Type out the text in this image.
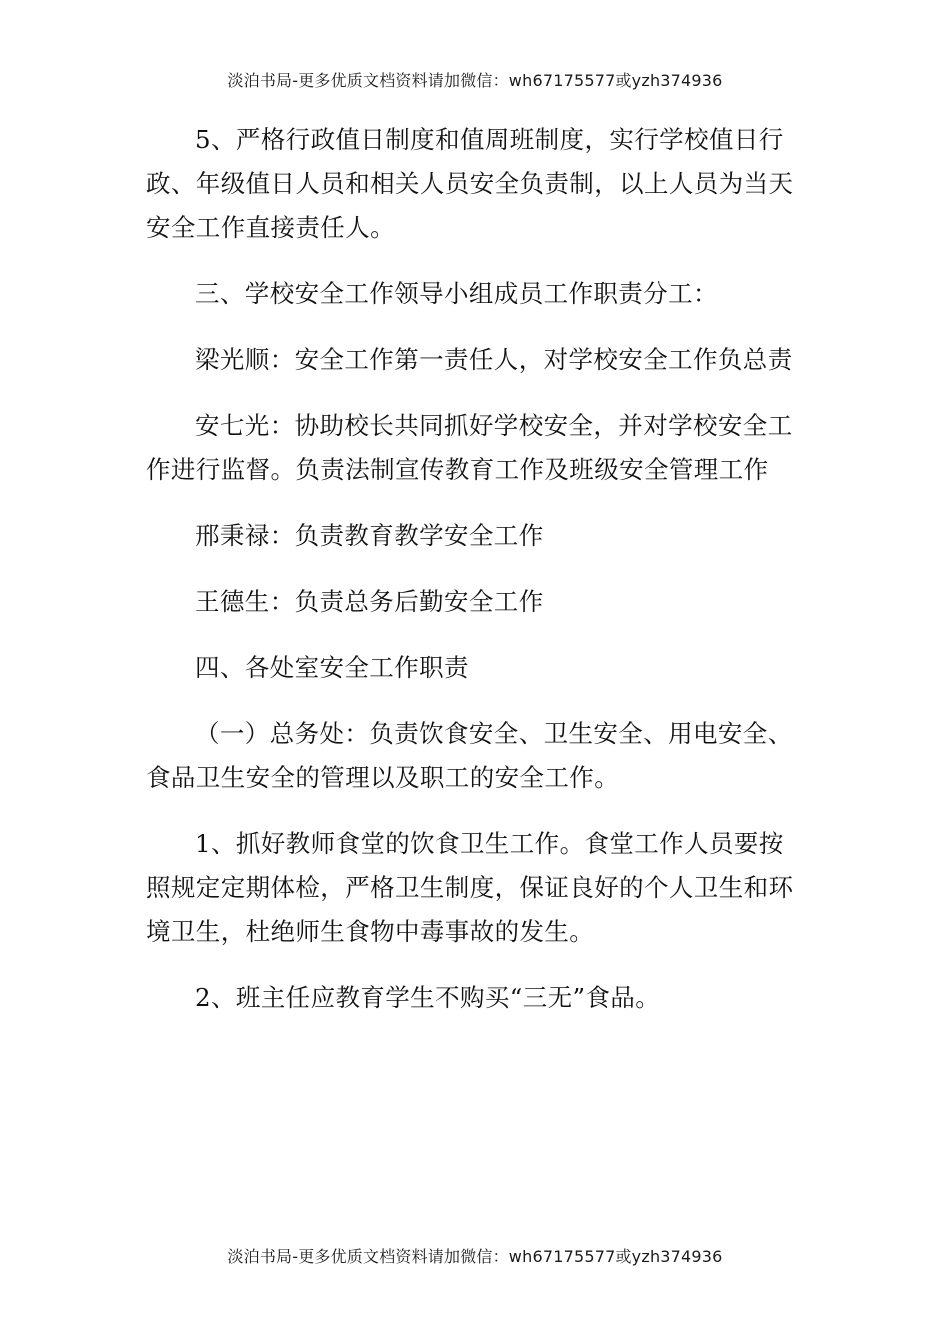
淡泊书局-更多优质文档资料请加微信：wh67175577或yzh374936

5、严格行政值日制度和值周班制度，实行学校值日行政、年级值日人员和相关人员安全负责制，以上人员为当天安全工作直接责任人。

三、学校安全工作领导小组成员工作职责分工：

梁光顺：安全工作第一责任人，对学校安全工作负总责

安七光：协助校长共同抓好学校安全，并对学校安全工作进行监督。负责法制宣传教育工作及班级安全管理工作

邢秉禄：负责教育教学安全工作

王德生：负责总务后勤安全工作

四、各处室安全工作职责

（一）总务处：负责饮食安全、卫生安全、用电安全、食品卫生安全的管理以及职工的安全工作。

1、抓好教师食堂的饮食卫生工作。食堂工作人员要按照规定定期体检，严格卫生制度，保证良好的个人卫生和环境卫生，杜绝师生食物中毒事故的发生。

2、班主任应教育学生不购买“三无”食品。

淡泊书局-更多优质文档资料请加微信：wh67175577或yzh374936
